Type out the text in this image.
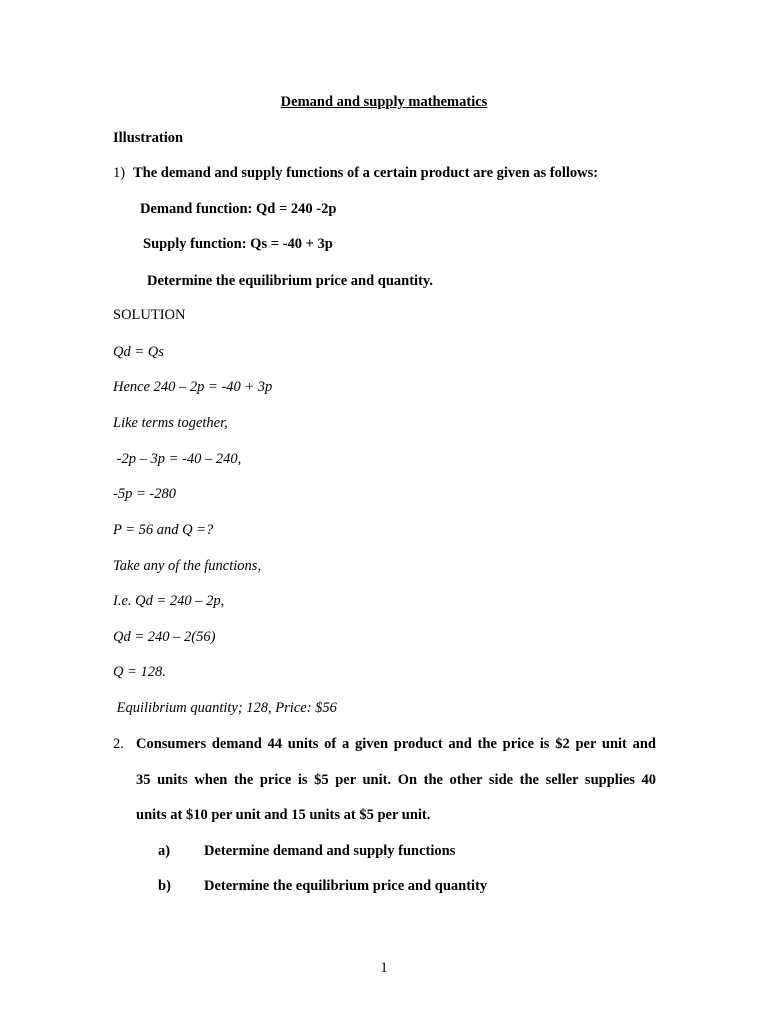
Demand and supply mathematics
Illustration
1) The demand and supply functions of a certain product are given as follows:
Demand function: Qd = 240 -2p
Supply function: Qs = -40 + 3p
Determine the equilibrium price and quantity.
SOLUTION
Qd = Qs
Hence 240 – 2p = -40 + 3p
Like terms together,
-2p – 3p = -40 – 240,
-5p = -280
P = 56 and Q =?
Take any of the functions,
I.e. Qd = 240 – 2p,
Qd = 240 – 2(56)
Q = 128.
Equilibrium quantity; 128, Price: $56
2. Consumers demand 44 units of a given product and the price is $2 per unit and
35 units when the price is $5 per unit. On the other side the seller supplies 40
units at $10 per unit and 15 units at $5 per unit.
a) Determine demand and supply functions
b) Determine the equilibrium price and quantity
1
